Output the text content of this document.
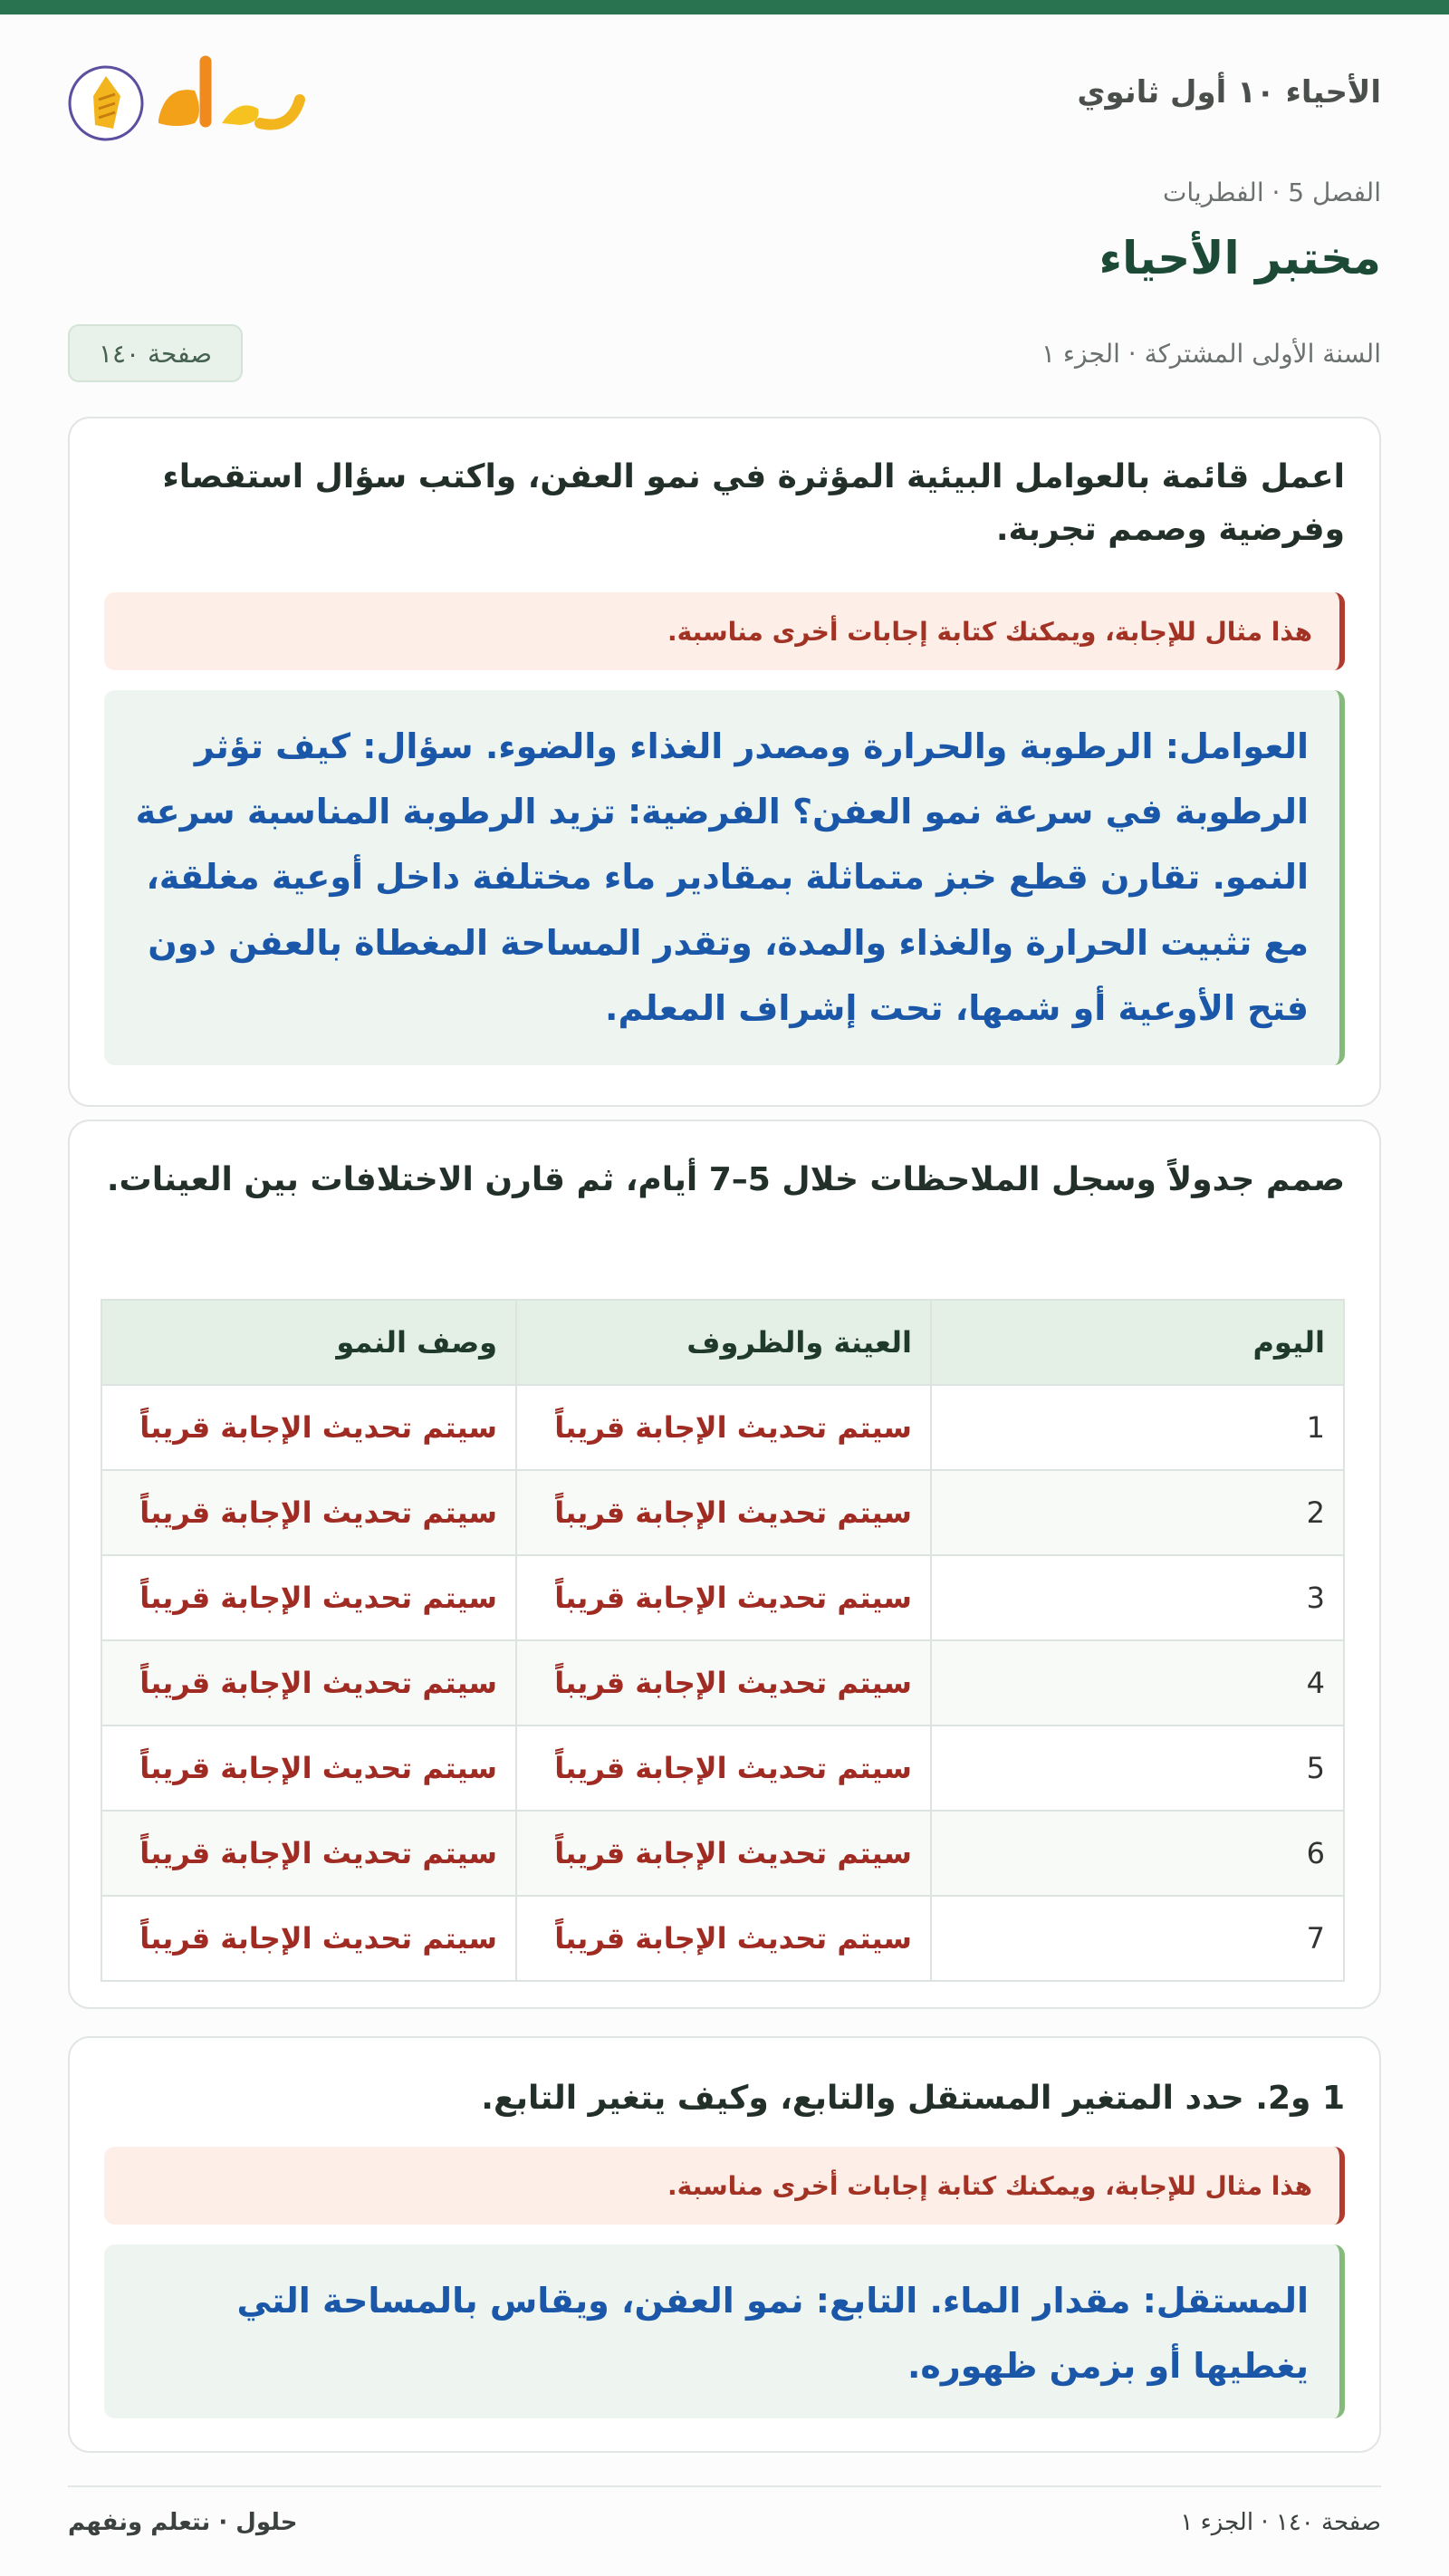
الأحياء ١٠ أول ثانوي
الفصل 5 · الفطريات
مختبر الأحياء
السنة الأولى المشتركة · الجزء ١
صفحة ١٤٠
اعمل قائمة بالعوامل البيئية المؤثرة في نمو العفن، واكتب سؤال استقصاء وفرضية وصمم تجربة.
هذا مثال للإجابة، ويمكنك كتابة إجابات أخرى مناسبة.
العوامل: الرطوبة والحرارة ومصدر الغذاء والضوء. سؤال: كيف تؤثر الرطوبة في سرعة نمو العفن؟ الفرضية: تزيد الرطوبة المناسبة سرعة النمو. تقارن قطع خبز متماثلة بمقادير ماء مختلفة داخل أوعية مغلقة، مع تثبيت الحرارة والغذاء والمدة، وتقدر المساحة المغطاة بالعفن دون فتح الأوعية أو شمها، تحت إشراف المعلم.
صمم جدولاً وسجل الملاحظات خلال 5–7 أيام، ثم قارن الاختلافات بين العينات.
اليوم	العينة والظروف	وصف النمو
1	سيتم تحديث الإجابة قريباً	سيتم تحديث الإجابة قريباً
2	سيتم تحديث الإجابة قريباً	سيتم تحديث الإجابة قريباً
3	سيتم تحديث الإجابة قريباً	سيتم تحديث الإجابة قريباً
4	سيتم تحديث الإجابة قريباً	سيتم تحديث الإجابة قريباً
5	سيتم تحديث الإجابة قريباً	سيتم تحديث الإجابة قريباً
6	سيتم تحديث الإجابة قريباً	سيتم تحديث الإجابة قريباً
7	سيتم تحديث الإجابة قريباً	سيتم تحديث الإجابة قريباً
1 و2. حدد المتغير المستقل والتابع، وكيف يتغير التابع.
هذا مثال للإجابة، ويمكنك كتابة إجابات أخرى مناسبة.
المستقل: مقدار الماء. التابع: نمو العفن، ويقاس بالمساحة التي يغطيها أو بزمن ظهوره.
صفحة ١٤٠ · الجزء ١
حلول · نتعلم ونفهم
